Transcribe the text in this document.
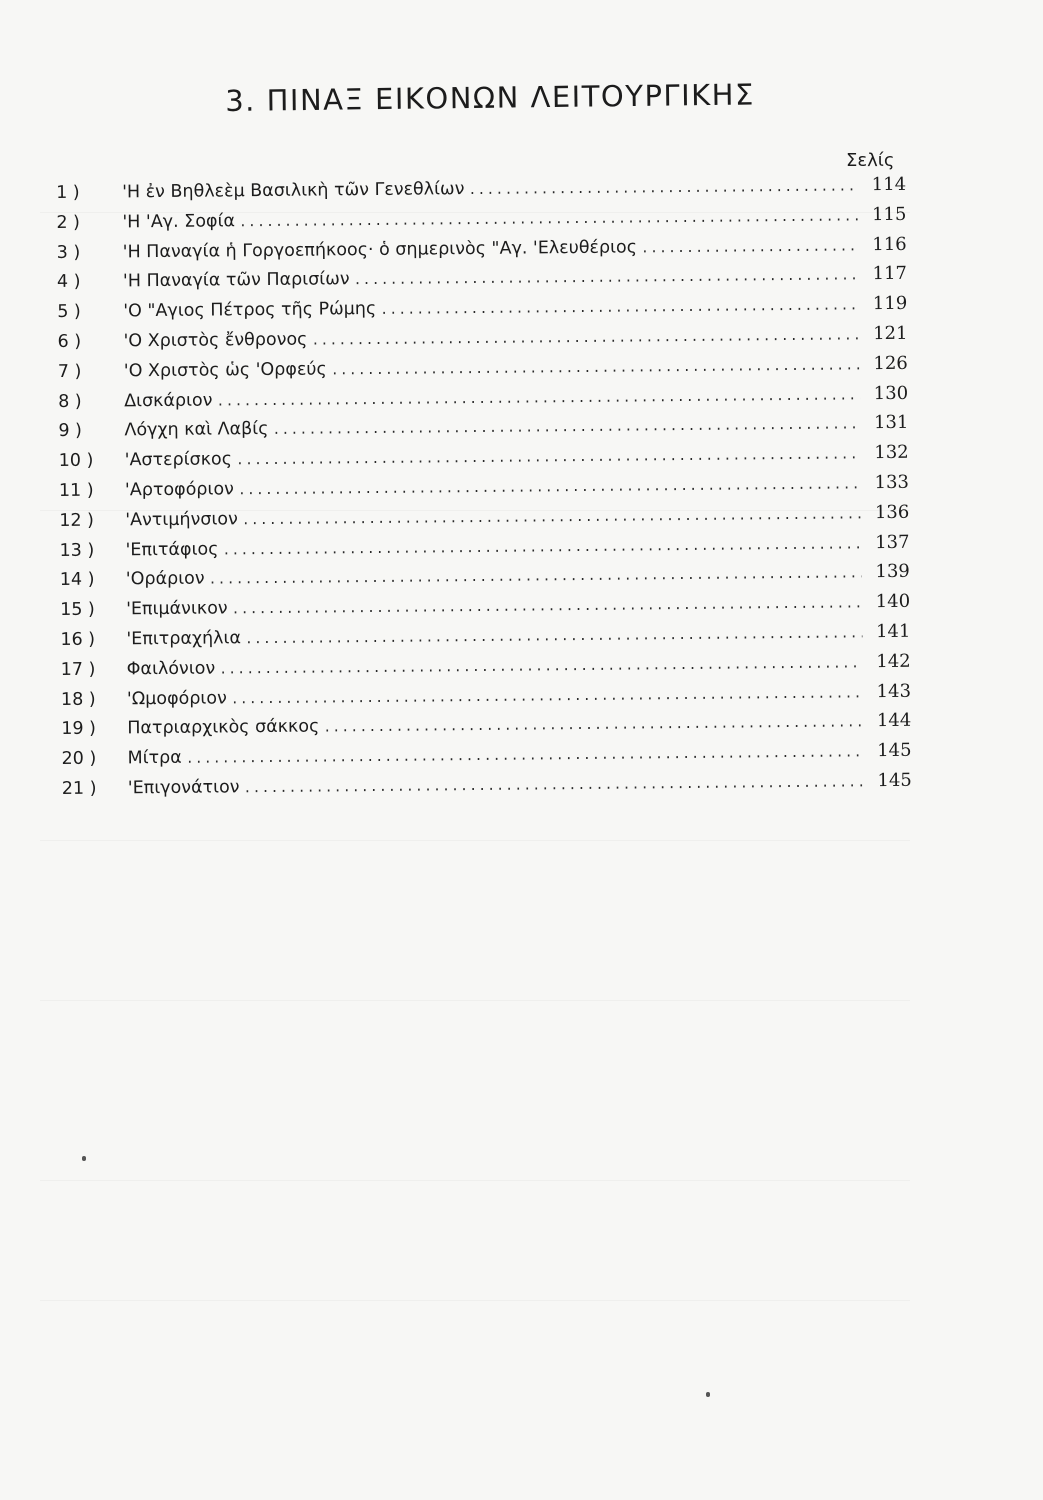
3. ΠΙΝΑΞ ΕΙΚΟΝΩΝ ΛΕΙΤΟΥΡΓΙΚΗΣ
Σελίς
1 )	'Η ἐν Βηθλεὲμ Βασιλικὴ τῶν Γενεθλίων .....	114
2 )	'Η 'Αγ. Σοφία .....	115
3 )	'Η Παναγία ἡ Γοργοεπήκοος· ὁ σημερινὸς "Αγ. 'Ελευθέριος .....	116
4 )	'Η Παναγία τῶν Παρισίων .....	117
5 )	'Ο "Αγιος Πέτρος τῆς Ρώμης .....	119
6 )	'Ο Χριστὸς ἔνθρονος .....	121
7 )	'Ο Χριστὸς ὡς 'Ορφεύς .....	126
8 )	Δισκάριον .....	130
9 )	Λόγχη καὶ Λαβίς .....	131
10 )	'Αστερίσκος .....	132
11 )	'Αρτοφόριον .....	133
12 )	'Αντιμήνσιον .....	136
13 )	'Επιτάφιος .....	137
14 )	'Οράριον .....	139
15 )	'Επιμάνικον .....	140
16 )	'Επιτραχήλια .....	141
17 )	Φαιλόνιον .....	142
18 )	'Ωμοφόριον .....	143
19 )	Πατριαρχικὸς σάκκος .....	144
20 )	Μίτρα .....	145
21 )	'Επιγονάτιον .....	145
